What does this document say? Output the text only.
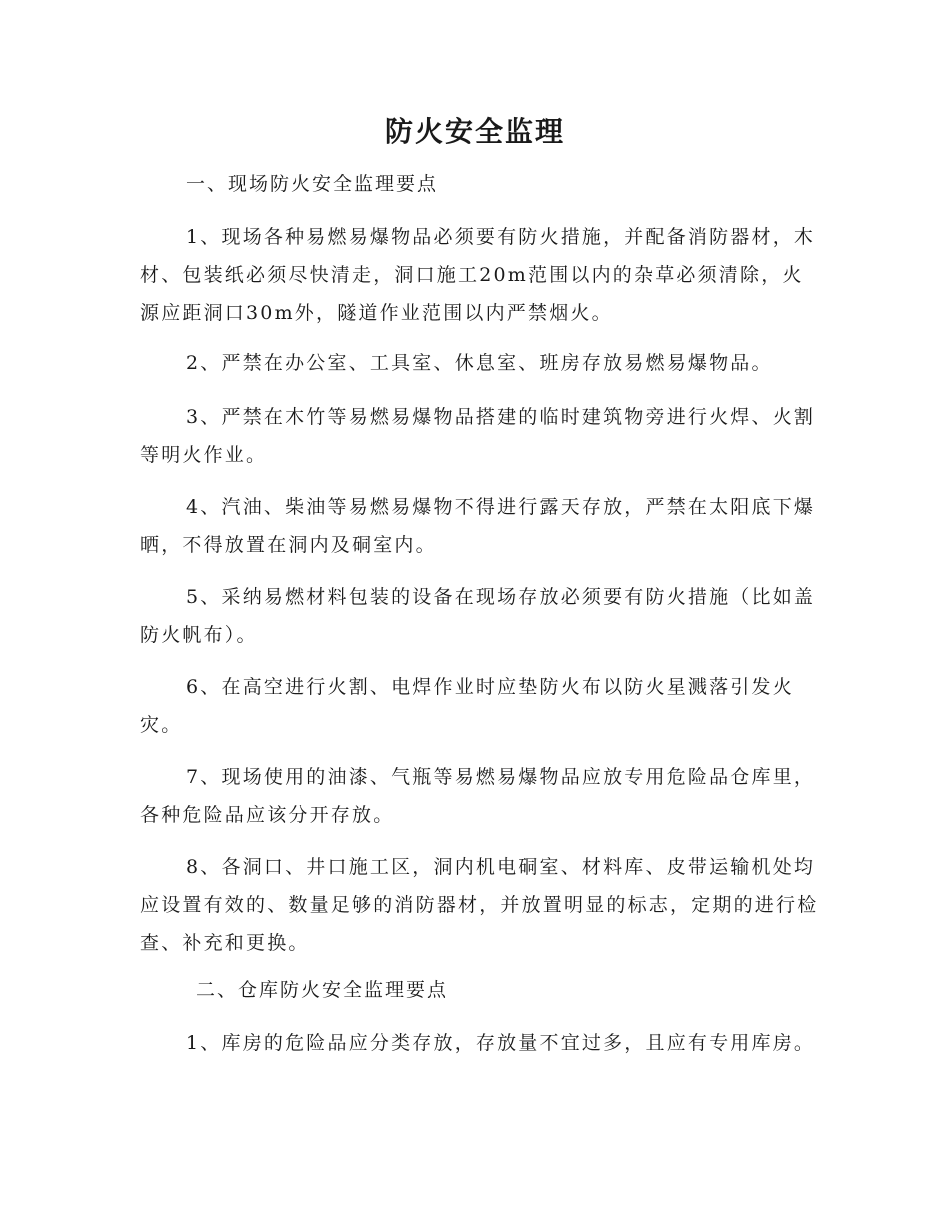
防火安全监理
一、现场防火安全监理要点
1、现场各种易燃易爆物品必须要有防火措施，并配备消防器材，木材、包装纸必须尽快清走，洞口施工20m范围以内的杂草必须清除，火源应距洞口30m外，隧道作业范围以内严禁烟火。
2、严禁在办公室、工具室、休息室、班房存放易燃易爆物品。
3、严禁在木竹等易燃易爆物品搭建的临时建筑物旁进行火焊、火割等明火作业。
4、汽油、柴油等易燃易爆物不得进行露天存放，严禁在太阳底下爆晒，不得放置在洞内及硐室内。
5、采纳易燃材料包装的设备在现场存放必须要有防火措施（比如盖防火帆布）。
6、在高空进行火割、电焊作业时应垫防火布以防火星溅落引发火灾。
7、现场使用的油漆、气瓶等易燃易爆物品应放专用危险品仓库里，各种危险品应该分开存放。
8、各洞口、井口施工区，洞内机电硐室、材料库、皮带运输机处均应设置有效的、数量足够的消防器材，并放置明显的标志，定期的进行检查、补充和更换。
二、仓库防火安全监理要点
1、库房的危险品应分类存放，存放量不宜过多，且应有专用库房。
